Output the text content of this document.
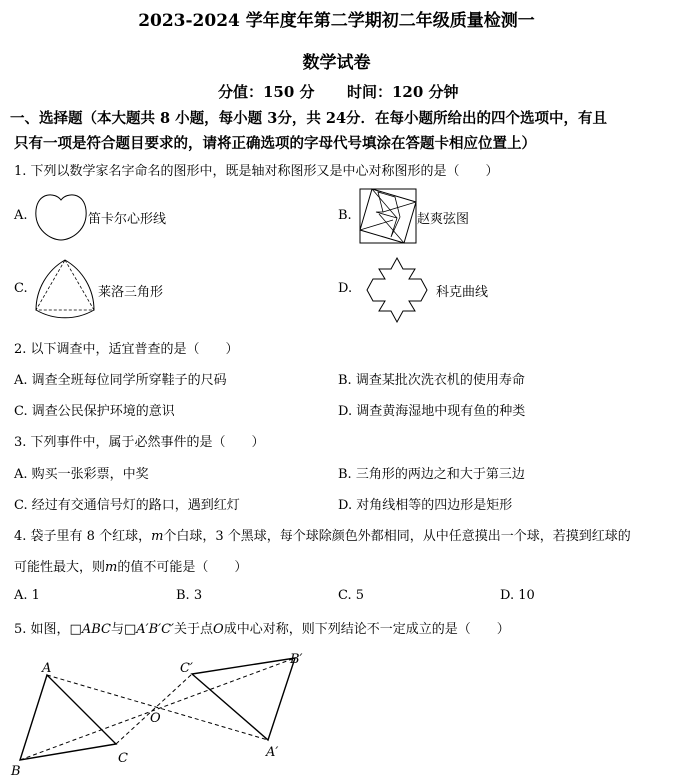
2023-2024 学年度年第二学期初二年级质量检测一
数学试卷
分值：150 分 时间：120 分钟
一、选择题（本大题共 8 小题，每小题 3分，共 24分．在每小题所给出的四个选项中，有且
只有一项是符合题目要求的，请将正确选项的字母代号填涂在答题卡相应位置上）
1. 下列以数学家名字命名的图形中，既是轴对称图形又是中心对称图形的是（　　）
A.	笛卡尔心形线	B.	赵爽弦图
C.	莱洛三角形	D.	科克曲线
2. 以下调查中，适宜普查的是（　　）
A. 调查全班每位同学所穿鞋子的尺码	B. 调查某批次洗衣机的使用寿命
C. 调查公民保护环境的意识	D. 调查黄海湿地中现有鱼的种类
3. 下列事件中，属于必然事件的是（　　）
A. 购买一张彩票，中奖	B. 三角形的两边之和大于第三边
C. 经过有交通信号灯的路口，遇到红灯	D. 对角线相等的四边形是矩形
4. 袋子里有 8 个红球，m个白球，3 个黑球，每个球除颜色外都相同，从中任意摸出一个球，若摸到红球的
可能性最大，则m的值不可能是（　　）
A. 1	B. 3	C. 5	D. 10
5. 如图，□ABC与□A′B′C′关于点O成中心对称，则下列结论不一定成立的是（　　）
A
B
C
O
A′
B′
C′
